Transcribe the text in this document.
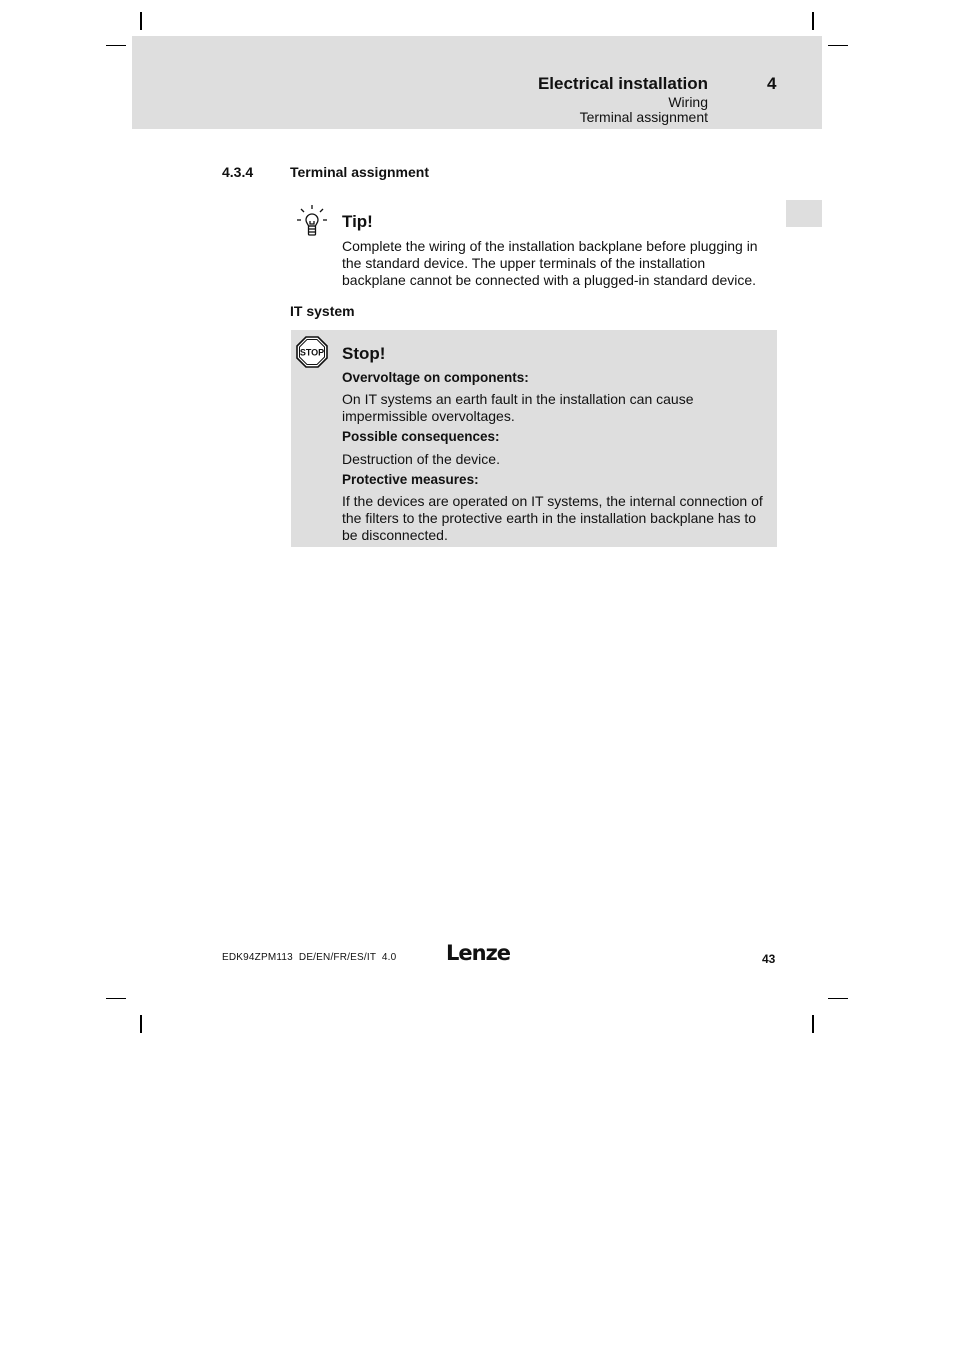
Electrical installation	4
Wiring
Terminal assignment
4.3.4	Terminal assignment
Tip!
Complete the wiring of the installation backplane before plugging in the standard device. The upper terminals of the installation backplane cannot be connected with a plugged-in standard device.
IT system
STOP Stop!
Overvoltage on components:
On IT systems an earth fault in the installation can cause impermissible overvoltages.
Possible consequences:
Destruction of the device.
Protective measures:
If the devices are operated on IT systems, the internal connection of the filters to the protective earth in the installation backplane has to be disconnected.
EDK94ZPM113  DE/EN/FR/ES/IT  4.0 Lenze	43
